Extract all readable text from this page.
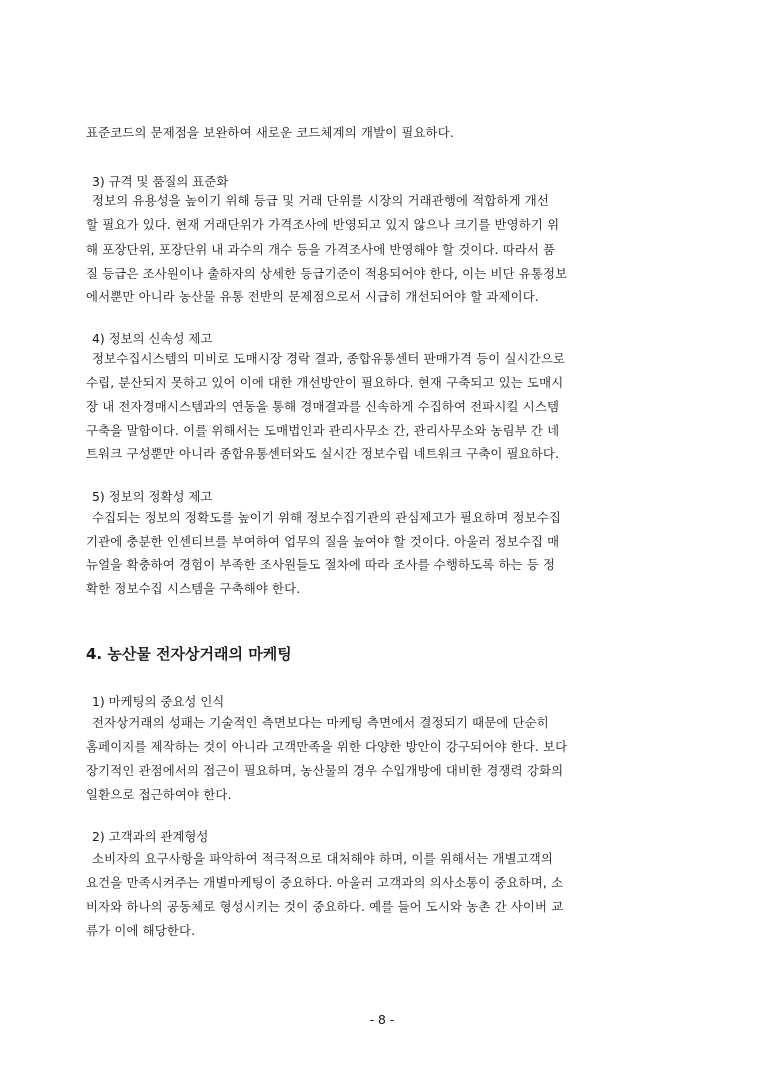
표준코드의 문제점을 보완하여 새로운 코드체계의 개발이 필요하다.
3) 규격 및 품질의 표준화
정보의 유용성을 높이기 위해 등급 및 거래 단위를 시장의 거래관행에 적합하게 개선
할 필요가 있다. 현재 거래단위가 가격조사에 반영되고 있지 않으나 크기를 반영하기 위
해 포장단위, 포장단위 내 과수의 개수 등을 가격조사에 반영해야 할 것이다. 따라서 품
질 등급은 조사원이나 출하자의 상세한 등급기준이 적용되어야 한다, 이는 비단 유통정보
에서뿐만 아니라 농산물 유통 전반의 문제점으로서 시급히 개선되어야 할 과제이다.
4) 정보의 신속성 제고
정보수집시스템의 미비로 도매시장 경락 결과, 종합유통센터 판매가격 등이 실시간으로
수립, 분산되지 못하고 있어 이에 대한 개선방안이 필요하다. 현재 구축되고 있는 도매시
장 내 전자경매시스템과의 연동을 통해 경매결과를 신속하게 수집하여 전파시킬 시스템
구축을 말함이다. 이를 위해서는 도매법인과 관리사무소 간, 관리사무소와 농림부 간 네
트워크 구성뿐만 아니라 종합유통센터와도 실시간 정보수립 네트워크 구축이 필요하다.
5) 정보의 정확성 제고
수집되는 정보의 정확도를 높이기 위해 정보수집기관의 관심제고가 필요하며 정보수집
기관에 충분한 인센티브를 부여하여 업무의 질을 높여야 할 것이다. 아울러 정보수집 매
뉴얼을 확충하여 경험이 부족한 조사원들도 절차에 따라 조사를 수행하도록 하는 등 정
확한 정보수집 시스템을 구축해야 한다.
4. 농산물 전자상거래의 마케팅
1) 마케팅의 중요성 인식
전자상거래의 성패는 기술적인 측면보다는 마케팅 측면에서 결정되기 때문에 단순히
홈페이지를 제작하는 것이 아니라 고객만족을 위한 다양한 방안이 강구되어야 한다. 보다
장기적인 관점에서의 접근이 필요하며, 농산물의 경우 수입개방에 대비한 경쟁력 강화의
일환으로 접근하여야 한다.
2) 고객과의 관계형성
소비자의 요구사항을 파악하여 적극적으로 대처해야 하며, 이를 위해서는 개별고객의
요건을 만족시켜주는 개별마케팅이 중요하다. 아울러 고객과의 의사소통이 중요하며, 소
비자와 하나의 공동체로 형성시키는 것이 중요하다. 예를 들어 도시와 농촌 간 사이버 교
류가 이에 해당한다.
- 8 -
